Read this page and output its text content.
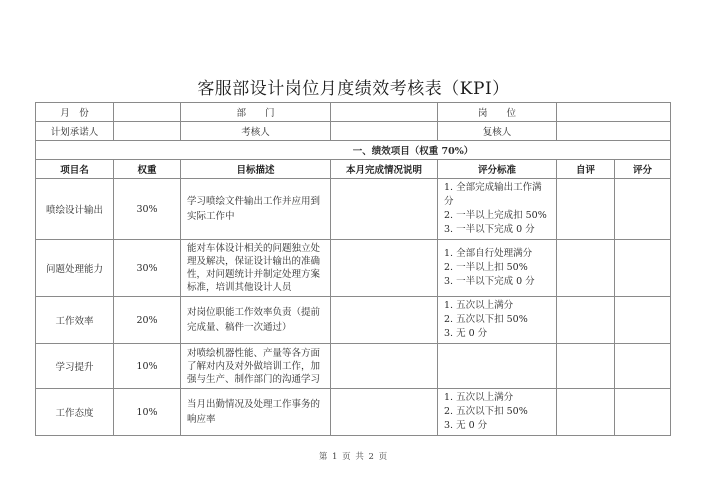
客服部设计岗位月度绩效考核表（KPI）
月　份		部　　门		岗　　位		
计划承诺人		考核人		复核人		
一、绩效项目（权重 70%）						
项目名	权重	目标描述	本月完成情况说明	评分标准	自评	评分
喷绘设计输出	30%	学习喷绘文件输出工作并应用到实际工作中		1. 全部完成输出工作满分
2. 一半以上完成扣 50%
3. 一半以下完成 0 分		

问题处理能力	30%	能对车体设计相关的问题独立处理及解决，保证设计输出的准确性，对问题统计并制定处理方案标准，培训其他设计人员		1. 全部自行处理满分
2. 一半以上扣 50%
3. 一半以下完成 0 分		

工作效率	20%	对岗位职能工作效率负责（提前完成量、稿件一次通过）		1. 五次以上满分
2. 五次以下扣 50%
3. 无 0 分		

学习提升	10%	对喷绘机器性能、产量等各方面了解对内及对外做培训工作，加强与生产、制作部门的沟通学习				
工作态度	10%	当月出勤情况及处理工作事务的响应率		1. 五次以上满分
2. 五次以下扣 50%
3. 无 0 分		

第 1 页 共 2 页
